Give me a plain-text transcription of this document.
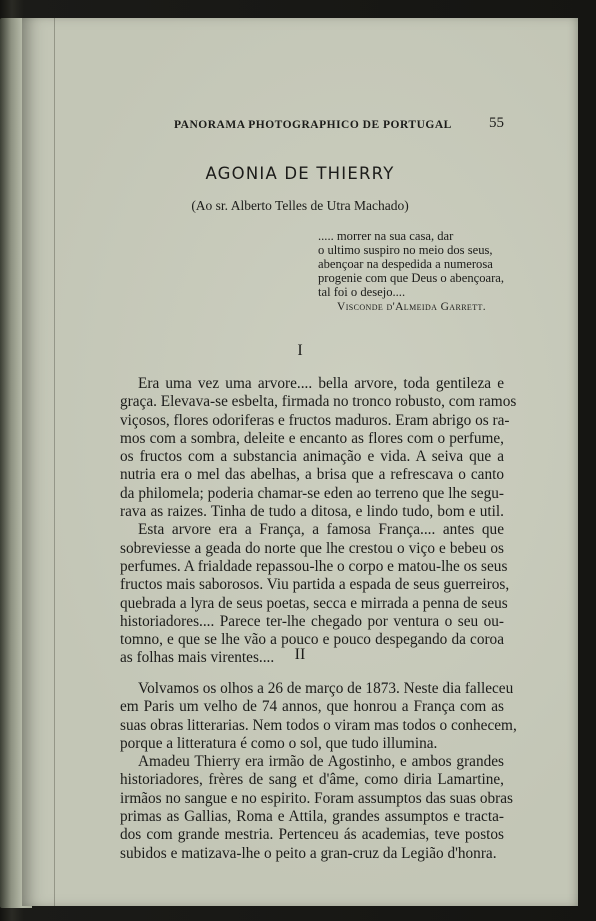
PANORAMA PHOTOGRAPHICO DE PORTUGAL 55
AGONIA DE THIERRY
(Ao sr. Alberto Telles de Utra Machado)
..... morrer na sua casa, dar
o ultimo suspiro no meio dos seus,
abençoar na despedida a numerosa
progenie com que Deus o abençoara,
tal foi o desejo....
Visconde d'Almeida Garrett.
I
Era uma vez uma arvore.... bella arvore, toda gentileza e
graça. Elevava-se esbelta, firmada no tronco robusto, com ramos
viçosos, flores odoriferas e fructos maduros. Eram abrigo os ra-
mos com a sombra, deleite e encanto as flores com o perfume,
os fructos com a substancia animação e vida. A seiva que a
nutria era o mel das abelhas, a brisa que a refrescava o canto
da philomela; poderia chamar-se eden ao terreno que lhe segu-
rava as raizes. Tinha de tudo a ditosa, e lindo tudo, bom e util.
Esta arvore era a França, a famosa França.... antes que
sobreviesse a geada do norte que lhe crestou o viço e bebeu os
perfumes. A frialdade repassou-lhe o corpo e matou-lhe os seus
fructos mais saborosos. Viu partida a espada de seus guerreiros,
quebrada a lyra de seus poetas, secca e mirrada a penna de seus
historiadores.... Parece ter-lhe chegado por ventura o seu ou-
tomno, e que se lhe vão a pouco e pouco despegando da coroa
as folhas mais virentes....	II
Volvamos os olhos a 26 de março de 1873. Neste dia falleceu
em Paris um velho de 74 annos, que honrou a França com as
suas obras litterarias. Nem todos o viram mas todos o conhecem,
porque a litteratura é como o sol, que tudo illumina.
Amadeu Thierry era irmão de Agostinho, e ambos grandes
historiadores, frères de sang et d'âme, como diria Lamartine,
irmãos no sangue e no espirito. Foram assumptos das suas obras
primas as Gallias, Roma e Attila, grandes assumptos e tracta-
dos com grande mestria. Pertenceu ás academias, teve postos
subidos e matizava-lhe o peito a gran-cruz da Legião d'honra.
